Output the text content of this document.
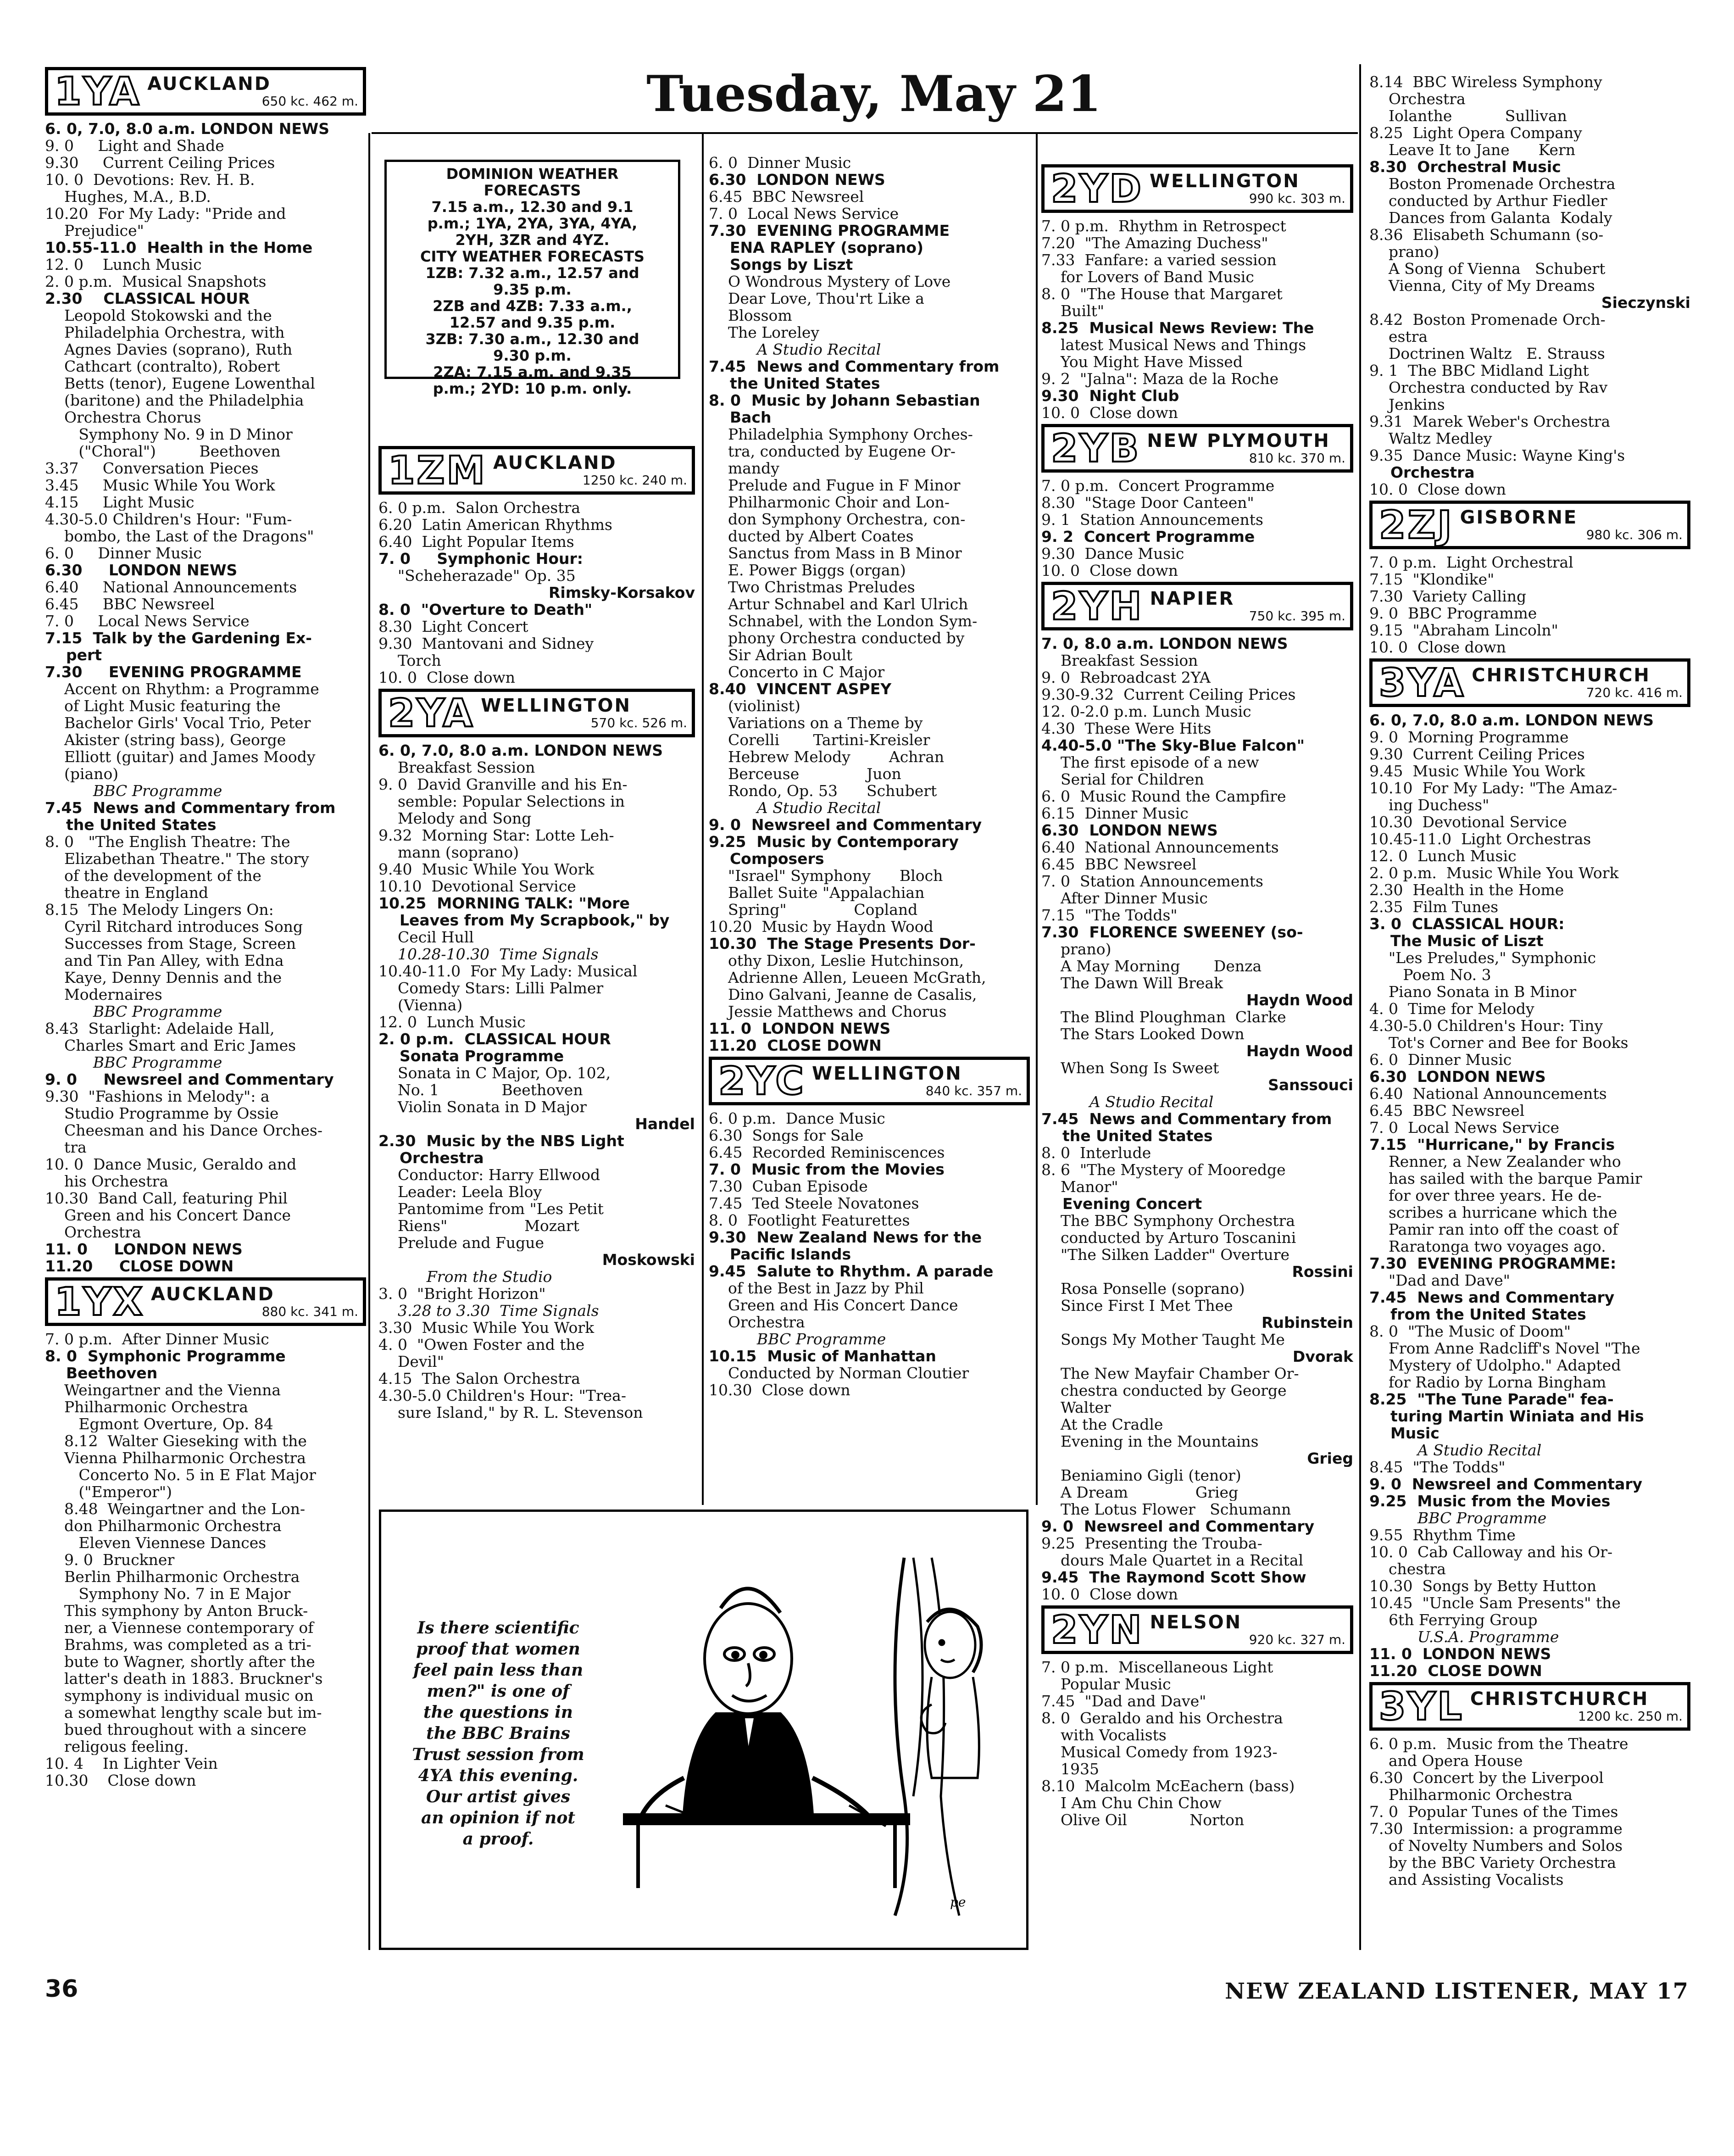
Tuesday, May 21
1YA AUCKLAND
650 kc. 462 m.
6. 0, 7.0, 8.0 a.m. LONDON NEWS
9. 0     Light and Shade
9.30     Current Ceiling Prices
10. 0  Devotions: Rev. H. B.
Hughes, M.A., B.D.
10.20  For My Lady: "Pride and
Prejudice"
10.55-11.0  Health in the Home
12. 0    Lunch Music
2. 0 p.m.  Musical Snapshots
2.30    CLASSICAL HOUR
Leopold Stokowski and the
Philadelphia Orchestra, with
Agnes Davies (soprano), Ruth
Cathcart (contralto), Robert
Betts (tenor), Eugene Lowenthal
(baritone) and the Philadelphia
Orchestra Chorus
Symphony No. 9 in D Minor
("Choral")         Beethoven
3.37     Conversation Pieces
3.45     Music While You Work
4.15     Light Music
4.30-5.0 Children's Hour: "Fum-
bombo, the Last of the Dragons"
6. 0     Dinner Music
6.30     LONDON NEWS
6.40     National Announcements
6.45     BBC Newsreel
7. 0     Local News Service
7.15  Talk by the Gardening Ex-
pert
7.30     EVENING PROGRAMME
Accent on Rhythm: a Programme
of Light Music featuring the
Bachelor Girls' Vocal Trio, Peter
Akister (string bass), George
Elliott (guitar) and James Moody
(piano)
BBC Programme
7.45  News and Commentary from
the United States
8. 0   "The English Theatre: The
Elizabethan Theatre." The story
of the development of the
theatre in England
8.15  The Melody Lingers On:
Cyril Ritchard introduces Song
Successes from Stage, Screen
and Tin Pan Alley, with Edna
Kaye, Denny Dennis and the
Modernaires
BBC Programme
8.43  Starlight: Adelaide Hall,
Charles Smart and Eric James
BBC Programme
9. 0     Newsreel and Commentary
9.30  "Fashions in Melody": a
Studio Programme by Ossie
Cheesman and his Dance Orches-
tra
10. 0  Dance Music, Geraldo and
his Orchestra
10.30  Band Call, featuring Phil
Green and his Concert Dance
Orchestra
11. 0     LONDON NEWS
11.20     CLOSE DOWN
1YX AUCKLAND
880 kc. 341 m.
7. 0 p.m.  After Dinner Music
8. 0  Symphonic Programme
Beethoven
Weingartner and the Vienna
Philharmonic Orchestra
Egmont Overture, Op. 84
8.12  Walter Gieseking with the
Vienna Philharmonic Orchestra
Concerto No. 5 in E Flat Major
("Emperor")
8.48  Weingartner and the Lon-
don Philharmonic Orchestra
Eleven Viennese Dances
9. 0  Bruckner
Berlin Philharmonic Orchestra
Symphony No. 7 in E Major
This symphony by Anton Bruck-
ner, a Viennese contemporary of
Brahms, was completed as a tri-
bute to Wagner, shortly after the
latter's death in 1883. Bruckner's
symphony is individual music on
a somewhat lengthy scale but im-
bued throughout with a sincere
religous feeling.
10. 4    In Lighter Vein
10.30    Close down
1ZM AUCKLAND
1250 kc. 240 m.
6. 0 p.m.  Salon Orchestra
6.20  Latin American Rhythms
6.40  Light Popular Items
7. 0     Symphonic Hour:
"Scheherazade" Op. 35
Rimsky-Korsakov
8. 0  "Overture to Death"
8.30  Light Concert
9.30  Mantovani and Sidney
Torch
10. 0  Close down
2YA WELLINGTON
570 kc. 526 m.
6. 0, 7.0, 8.0 a.m. LONDON NEWS
Breakfast Session
9. 0  David Granville and his En-
semble: Popular Selections in
Melody and Song
9.32  Morning Star: Lotte Leh-
mann (soprano)
9.40  Music While You Work
10.10  Devotional Service
10.25  MORNING TALK: "More
Leaves from My Scrapbook," by
Cecil Hull
10.28-10.30  Time Signals
10.40-11.0  For My Lady: Musical
Comedy Stars: Lilli Palmer
(Vienna)
12. 0  Lunch Music
2. 0 p.m.  CLASSICAL HOUR
Sonata Programme
Sonata in C Major, Op. 102,
No. 1             Beethoven
Violin Sonata in D Major
Handel
2.30  Music by the NBS Light
Orchestra
Conductor: Harry Ellwood
Leader: Leela Bloy
Pantomime from "Les Petit
Riens"                Mozart
Prelude and Fugue
Moskowski
From the Studio
3. 0  "Bright Horizon"
3.28 to 3.30  Time Signals
3.30  Music While You Work
4. 0  "Owen Foster and the
Devil"
4.15  The Salon Orchestra
4.30-5.0 Children's Hour: "Trea-
sure Island," by R. L. Stevenson
6. 0  Dinner Music
6.30  LONDON NEWS
6.45  BBC Newsreel
7. 0  Local News Service
7.30  EVENING PROGRAMME
ENA RAPLEY (soprano)
Songs by Liszt
O Wondrous Mystery of Love
Dear Love, Thou'rt Like a
Blossom
The Loreley
A Studio Recital
7.45  News and Commentary from
the United States
8. 0  Music by Johann Sebastian
Bach
Philadelphia Symphony Orches-
tra, conducted by Eugene Or-
mandy
Prelude and Fugue in F Minor
Philharmonic Choir and Lon-
don Symphony Orchestra, con-
ducted by Albert Coates
Sanctus from Mass in B Minor
E. Power Biggs (organ)
Two Christmas Preludes
Artur Schnabel and Karl Ulrich
Schnabel, with the London Sym-
phony Orchestra conducted by
Sir Adrian Boult
Concerto in C Major
8.40  VINCENT ASPEY
(violinist)
Variations on a Theme by
Corelli       Tartini-Kreisler
Hebrew Melody        Achran
Berceuse              Juon
Rondo, Op. 53      Schubert
A Studio Recital
9. 0  Newsreel and Commentary
9.25  Music by Contemporary
Composers
"Israel" Symphony      Bloch
Ballet Suite "Appalachian
Spring"              Copland
10.20  Music by Haydn Wood
10.30  The Stage Presents Dor-
othy Dixon, Leslie Hutchinson,
Adrienne Allen, Leueen McGrath,
Dino Galvani, Jeanne de Casalis,
Jessie Matthews and Chorus
11. 0  LONDON NEWS
11.20  CLOSE DOWN
2YC WELLINGTON
840 kc. 357 m.
6. 0 p.m.  Dance Music
6.30  Songs for Sale
6.45  Recorded Reminiscences
7. 0  Music from the Movies
7.30  Cuban Episode
7.45  Ted Steele Novatones
8. 0  Footlight Featurettes
9.30  New Zealand News for the
Pacific Islands
9.45  Salute to Rhythm. A parade
of the Best in Jazz by Phil
Green and His Concert Dance
Orchestra
BBC Programme
10.15  Music of Manhattan
Conducted by Norman Cloutier
10.30  Close down
2YD WELLINGTON
990 kc. 303 m.
7. 0 p.m.  Rhythm in Retrospect
7.20  "The Amazing Duchess"
7.33  Fanfare: a varied session
for Lovers of Band Music
8. 0  "The House that Margaret
Built"
8.25  Musical News Review: The
latest Musical News and Things
You Might Have Missed
9. 2  "Jalna": Maza de la Roche
9.30  Night Club
10. 0  Close down
2YB NEW PLYMOUTH
810 kc. 370 m.
7. 0 p.m.  Concert Programme
8.30  "Stage Door Canteen"
9. 1  Station Announcements
9. 2  Concert Programme
9.30  Dance Music
10. 0  Close down
2YH NAPIER
750 kc. 395 m.
7. 0, 8.0 a.m. LONDON NEWS
Breakfast Session
9. 0  Rebroadcast 2YA
9.30-9.32  Current Ceiling Prices
12. 0-2.0 p.m. Lunch Music
4.30  These Were Hits
4.40-5.0 "The Sky-Blue Falcon"
The first episode of a new
Serial for Children
6. 0  Music Round the Campfire
6.15  Dinner Music
6.30  LONDON NEWS
6.40  National Announcements
6.45  BBC Newsreel
7. 0  Station Announcements
After Dinner Music
7.15  "The Todds"
7.30  FLORENCE SWEENEY (so-
prano)
A May Morning       Denza
The Dawn Will Break
Haydn Wood
The Blind Ploughman  Clarke
The Stars Looked Down
Haydn Wood
When Song Is Sweet
Sanssouci
A Studio Recital
7.45  News and Commentary from
the United States
8. 0  Interlude
8. 6  "The Mystery of Mooredge
Manor"
Evening Concert
The BBC Symphony Orchestra
conducted by Arturo Toscanini
"The Silken Ladder" Overture
Rossini
Rosa Ponselle (soprano)
Since First I Met Thee
Rubinstein
Songs My Mother Taught Me
Dvorak
The New Mayfair Chamber Or-
chestra conducted by George
Walter
At the Cradle
Evening in the Mountains
Grieg
Beniamino Gigli (tenor)
A Dream              Grieg
The Lotus Flower   Schumann
9. 0  Newsreel and Commentary
9.25  Presenting the Trouba-
dours Male Quartet in a Recital
9.45  The Raymond Scott Show
10. 0  Close down
2YN NELSON
920 kc. 327 m.
7. 0 p.m.  Miscellaneous Light
Popular Music
7.45  "Dad and Dave"
8. 0  Geraldo and his Orchestra
with Vocalists
Musical Comedy from 1923-
1935
8.10  Malcolm McEachern (bass)
I Am Chu Chin Chow
Olive Oil             Norton
8.14  BBC Wireless Symphony
Orchestra
Iolanthe           Sullivan
8.25  Light Opera Company
Leave It to Jane      Kern
8.30  Orchestral Music
Boston Promenade Orchestra
conducted by Arthur Fiedler
Dances from Galanta  Kodaly
8.36  Elisabeth Schumann (so-
prano)
A Song of Vienna   Schubert
Vienna, City of My Dreams
Sieczynski
8.42  Boston Promenade Orch-
estra
Doctrinen Waltz   E. Strauss
9. 1  The BBC Midland Light
Orchestra conducted by Rav
Jenkins
9.31  Marek Weber's Orchestra
Waltz Medley
9.35  Dance Music: Wayne King's
Orchestra
10. 0  Close down
2ZJ GISBORNE
980 kc. 306 m.
7. 0 p.m.  Light Orchestral
7.15  "Klondike"
7.30  Variety Calling
9. 0  BBC Programme
9.15  "Abraham Lincoln"
10. 0  Close down
3YA CHRISTCHURCH
720 kc. 416 m.
6. 0, 7.0, 8.0 a.m. LONDON NEWS
9. 0  Morning Programme
9.30  Current Ceiling Prices
9.45  Music While You Work
10.10  For My Lady: "The Amaz-
ing Duchess"
10.30  Devotional Service
10.45-11.0  Light Orchestras
12. 0  Lunch Music
2. 0 p.m.  Music While You Work
2.30  Health in the Home
2.35  Film Tunes
3. 0  CLASSICAL HOUR:
The Music of Liszt
"Les Preludes," Symphonic
Poem No. 3
Piano Sonata in B Minor
4. 0  Time for Melody
4.30-5.0 Children's Hour: Tiny
Tot's Corner and Bee for Books
6. 0  Dinner Music
6.30  LONDON NEWS
6.40  National Announcements
6.45  BBC Newsreel
7. 0  Local News Service
7.15  "Hurricane," by Francis
Renner, a New Zealander who
has sailed with the barque Pamir
for over three years. He de-
scribes a hurricane which the
Pamir ran into off the coast of
Raratonga two voyages ago.
7.30  EVENING PROGRAMME:
"Dad and Dave"
7.45  News and Commentary
from the United States
8. 0  "The Music of Doom"
From Anne Radcliff's Novel "The
Mystery of Udolpho." Adapted
for Radio by Lorna Bingham
8.25  "The Tune Parade" fea-
turing Martin Winiata and His
Music
A Studio Recital
8.45  "The Todds"
9. 0  Newsreel and Commentary
9.25  Music from the Movies
BBC Programme
9.55  Rhythm Time
10. 0  Cab Calloway and his Or-
chestra
10.30  Songs by Betty Hutton
10.45  "Uncle Sam Presents" the
6th Ferrying Group
U.S.A. Programme
11. 0  LONDON NEWS
11.20  CLOSE DOWN
3YL CHRISTCHURCH
1200 kc. 250 m.
6. 0 p.m.  Music from the Theatre
and Opera House
6.30  Concert by the Liverpool
Philharmonic Orchestra
7. 0  Popular Tunes of the Times
7.30  Intermission: a programme
of Novelty Numbers and Solos
by the BBC Variety Orchestra
and Assisting Vocalists
DOMINION WEATHER
FORECASTS
7.15 a.m., 12.30 and 9.1
p.m.; 1YA, 2YA, 3YA, 4YA,
2YH, 3ZR and 4YZ.
CITY WEATHER FORECASTS
1ZB: 7.32 a.m., 12.57 and
9.35 p.m.
2ZB and 4ZB: 7.33 a.m.,
12.57 and 9.35 p.m.
3ZB: 7.30 a.m., 12.30 and
9.30 p.m.
2ZA: 7.15 a.m. and 9.35
p.m.; 2YD: 10 p.m. only.
Is there scientific
proof that women
feel pain less than
men?" is one of
the questions in
the BBC Brains
Trust session from
4YA this evening.
Our artist gives
an opinion if not
a proof.
pe
36	NEW ZEALAND LISTENER, MAY 17
